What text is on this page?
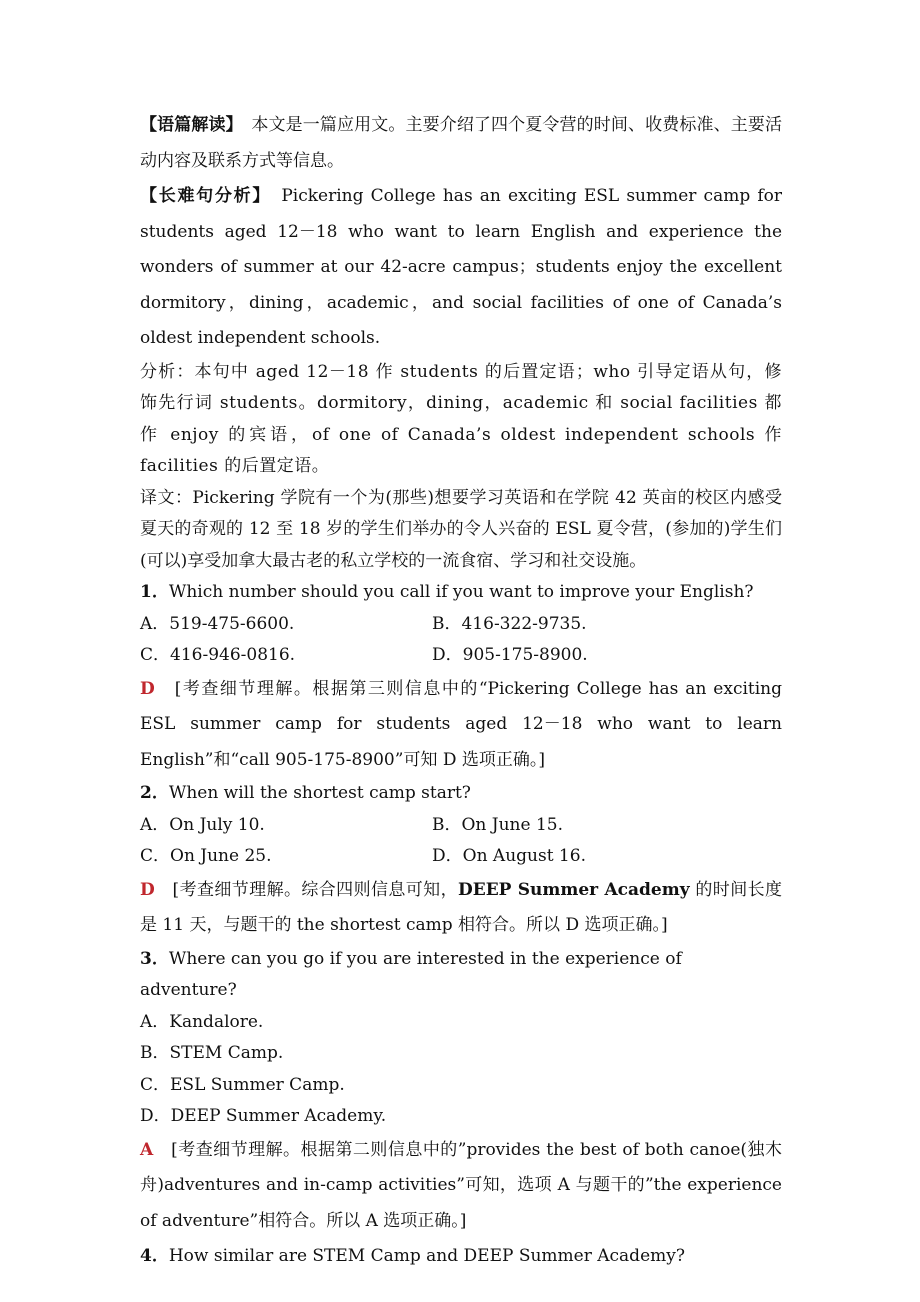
【语篇解读】　本文是一篇应用文。主要介绍了四个夏令营的时间、收费标准、主要活动内容及联系方式等信息。

【长难句分析】　Pickering College has an exciting ESL summer camp for students aged 12－18 who want to learn English and experience the wonders of summer at our 42-acre campus；students enjoy the excellent dormitory，dining，academic，and social facilities of one of Canada’s oldest independent schools.

分析：本句中 aged 12－18 作 students 的后置定语；who 引导定语从句，修饰先行词 students。dormitory，dining，academic 和 social facilities 都作 enjoy 的宾语，of one of Canada’s oldest independent schools 作 facilities 的后置定语。

译文：Pickering 学院有一个为(那些)想要学习英语和在学院 42 英亩的校区内感受夏天的奇观的 12 至 18 岁的学生们举办的令人兴奋的 ESL 夏令营，(参加的)学生们(可以)享受加拿大最古老的私立学校的一流食宿、学习和社交设施。

1．Which number should you call if you want to improve your English?

A．519-475-6600.	B．416-322-9735.
C．416-946-0816.	D．905-175-8900.

D　[考查细节理解。根据第三则信息中的“Pickering College has an exciting ESL summer camp for students aged 12－18 who want to learn English”和“call 905-175-8900”可知 D 选项正确。]

2．When will the shortest camp start?

A．On July 10.	B．On June 15.
C．On June 25.	D．On August 16.

D　[考查细节理解。综合四则信息可知，DEEP Summer Academy 的时间长度是 11 天，与题干的 the shortest camp 相符合。所以 D 选项正确。]

3．Where can you go if you are interested in the experience of adventure?

A．Kandalore.

B．STEM Camp.

C．ESL Summer Camp.

D．DEEP Summer Academy.

A　[考查细节理解。根据第二则信息中的”provides the best of both canoe(独木舟)adventures and in-camp activities”可知，选项 A 与题干的”the experience of adventure”相符合。所以 A 选项正确。]

4．How similar are STEM Camp and DEEP Summer Academy?
